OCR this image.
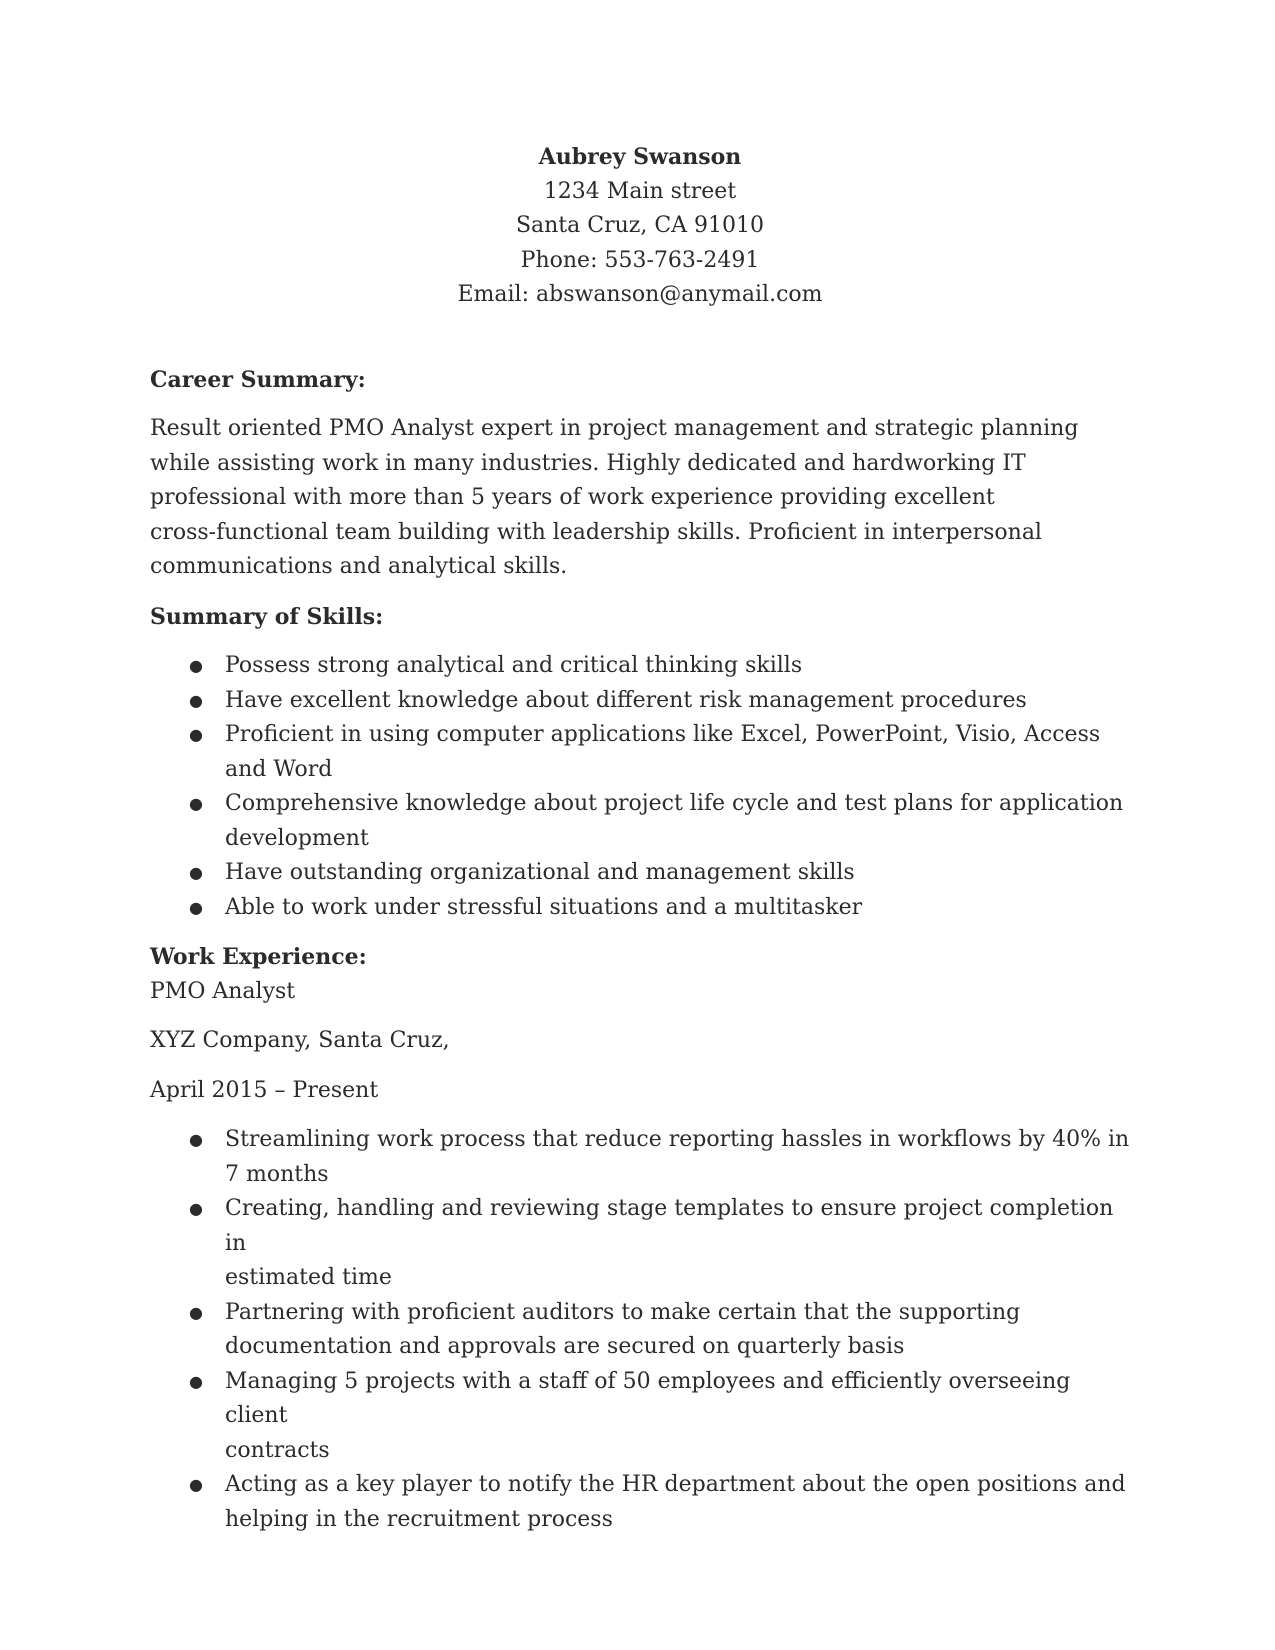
Aubrey Swanson
1234 Main street
Santa Cruz, CA 91010
Phone: 553-763-2491
Email: abswanson@anymail.com
Career Summary:
Result oriented PMO Analyst expert in project management and strategic planning
while assisting work in many industries. Highly dedicated and hardworking IT
professional with more than 5 years of work experience providing excellent
cross-functional team building with leadership skills. Proficient in interpersonal
communications and analytical skills.
Summary of Skills:
● Possess strong analytical and critical thinking skills
● Have excellent knowledge about different risk management procedures
● Proficient in using computer applications like Excel, PowerPoint, Visio, Access
and Word
● Comprehensive knowledge about project life cycle and test plans for application
development
● Have outstanding organizational and management skills
● Able to work under stressful situations and a multitasker
Work Experience:
PMO Analyst
XYZ Company, Santa Cruz,
April 2015 – Present
● Streamlining work process that reduce reporting hassles in workflows by 40% in
7 months
● Creating, handling and reviewing stage templates to ensure project completion in
estimated time
● Partnering with proficient auditors to make certain that the supporting
documentation and approvals are secured on quarterly basis
● Managing 5 projects with a staff of 50 employees and efficiently overseeing client
contracts
● Acting as a key player to notify the HR department about the open positions and
helping in the recruitment process
